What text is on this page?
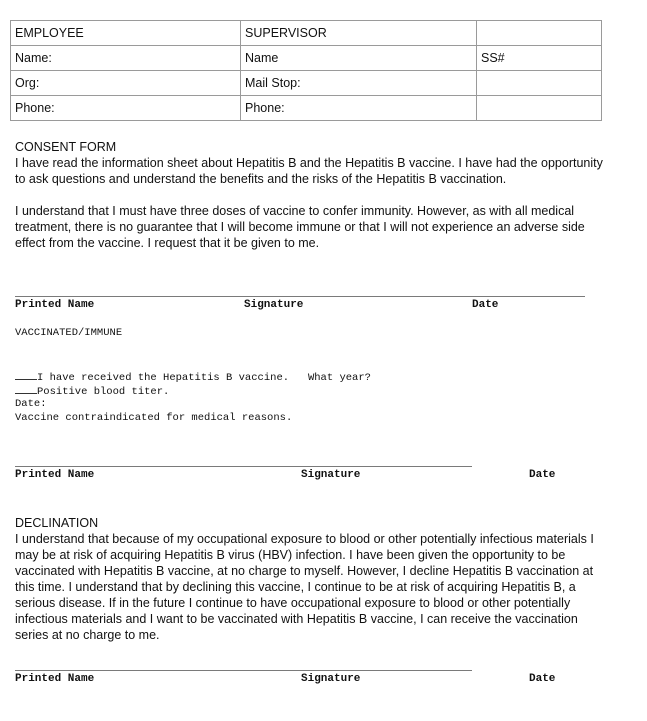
EMPLOYEE	SUPERVISOR	
Name:	Name	SS#
Org:	Mail Stop:	
Phone:	Phone:	

CONSENT FORM

I have read the information sheet about Hepatitis B and the Hepatitis B vaccine. I have had the opportunity to ask questions and understand the benefits and the risks of the Hepatitis B vaccination.

I understand that I must have three doses of vaccine to confer immunity. However, as with all medical treatment, there is no guarantee that I will become immune or that I will not experience an adverse side effect from the vaccine. I request that it be given to me.

Printed Name	Signature	Date
VACCINATED/IMMUNE
I have received the Hepatitis B vaccine. What year?
Positive blood titer.
Date:
Vaccine contraindicated for medical reasons.
Printed Name	Signature	Date

DECLINATION

I understand that because of my occupational exposure to blood or other potentially infectious materials I may be at risk of acquiring Hepatitis B virus (HBV) infection. I have been given the opportunity to be vaccinated with Hepatitis B vaccine, at no charge to myself. However, I decline Hepatitis B vaccination at this time. I understand that by declining this vaccine, I continue to be at risk of acquiring Hepatitis B, a serious disease. If in the future I continue to have occupational exposure to blood or other potentially infectious materials and I want to be vaccinated with Hepatitis B vaccine, I can receive the vaccination series at no charge to me.

Printed Name	Signature	Date
